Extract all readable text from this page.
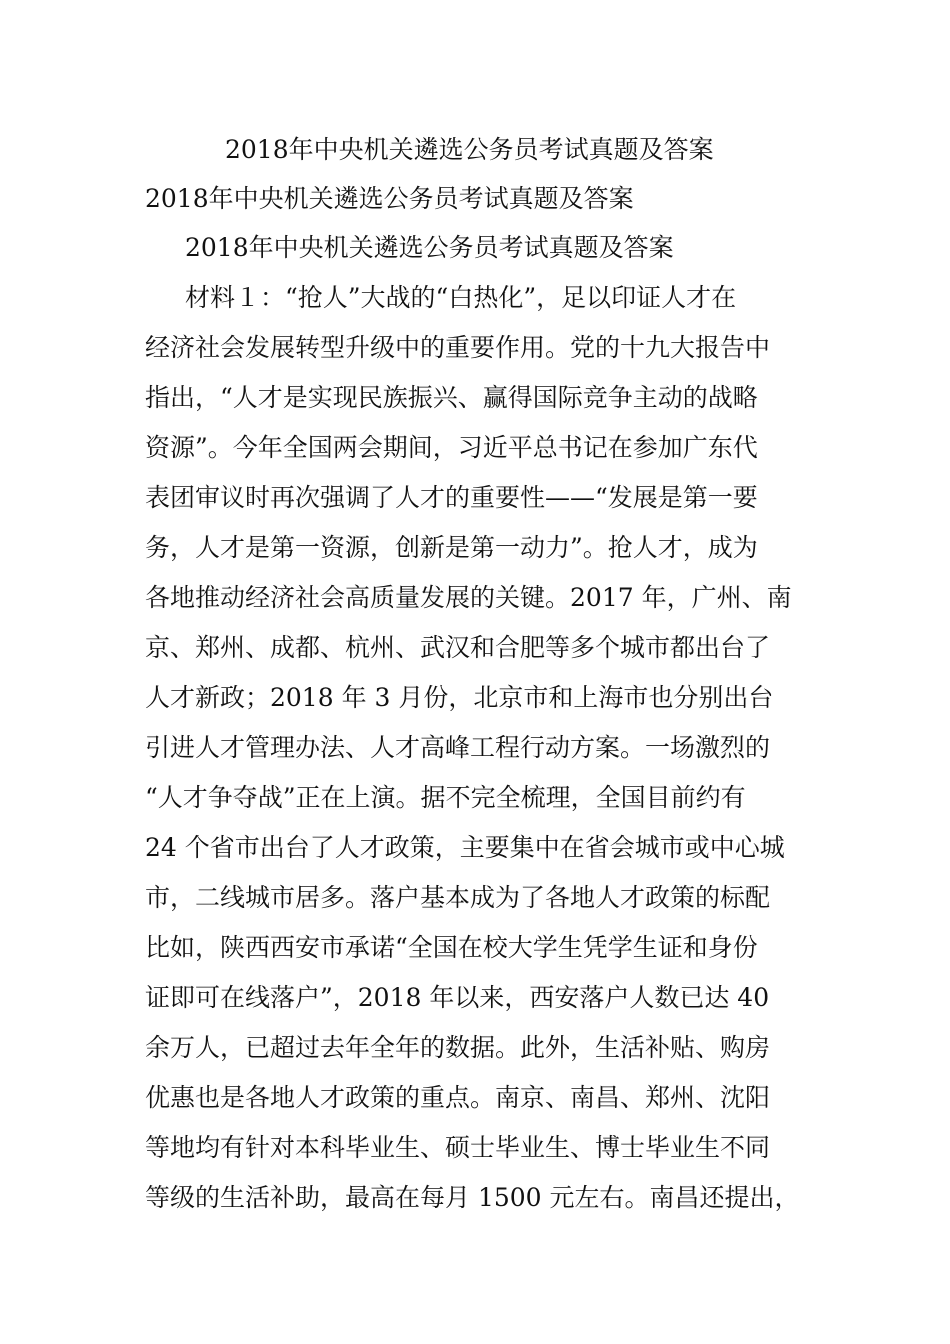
2018年中央机关遴选公务员考试真题及答案
2018年中央机关遴选公务员考试真题及答案
2018年中央机关遴选公务员考试真题及答案
材料１：“抢人”大战的“白热化”，足以印证人才在
经济社会发展转型升级中的重要作用。党的十九大报告中
指出，“人才是实现民族振兴、赢得国际竞争主动的战略
资源”。今年全国两会期间，习近平总书记在参加广东代
表团审议时再次强调了人才的重要性——“发展是第一要
务，人才是第一资源，创新是第一动力”。抢人才，成为
各地推动经济社会高质量发展的关键。2017 年，广州、南
京、郑州、成都、杭州、武汉和合肥等多个城市都出台了
人才新政；2018 年 3 月份，北京市和上海市也分别出台
引进人才管理办法、人才高峰工程行动方案。一场激烈的
“人才争夺战”正在上演。据不完全梳理，全国目前约有
24 个省市出台了人才政策，主要集中在省会城市或中心城
市，二线城市居多。落户基本成为了各地人才政策的标配
比如，陕西西安市承诺“全国在校大学生凭学生证和身份
证即可在线落户”，2018 年以来，西安落户人数已达 40
余万人，已超过去年全年的数据。此外，生活补贴、购房
优惠也是各地人才政策的重点。南京、南昌、郑州、沈阳
等地均有针对本科毕业生、硕士毕业生、博士毕业生不同
等级的生活补助，最高在每月 1500 元左右。南昌还提出，
